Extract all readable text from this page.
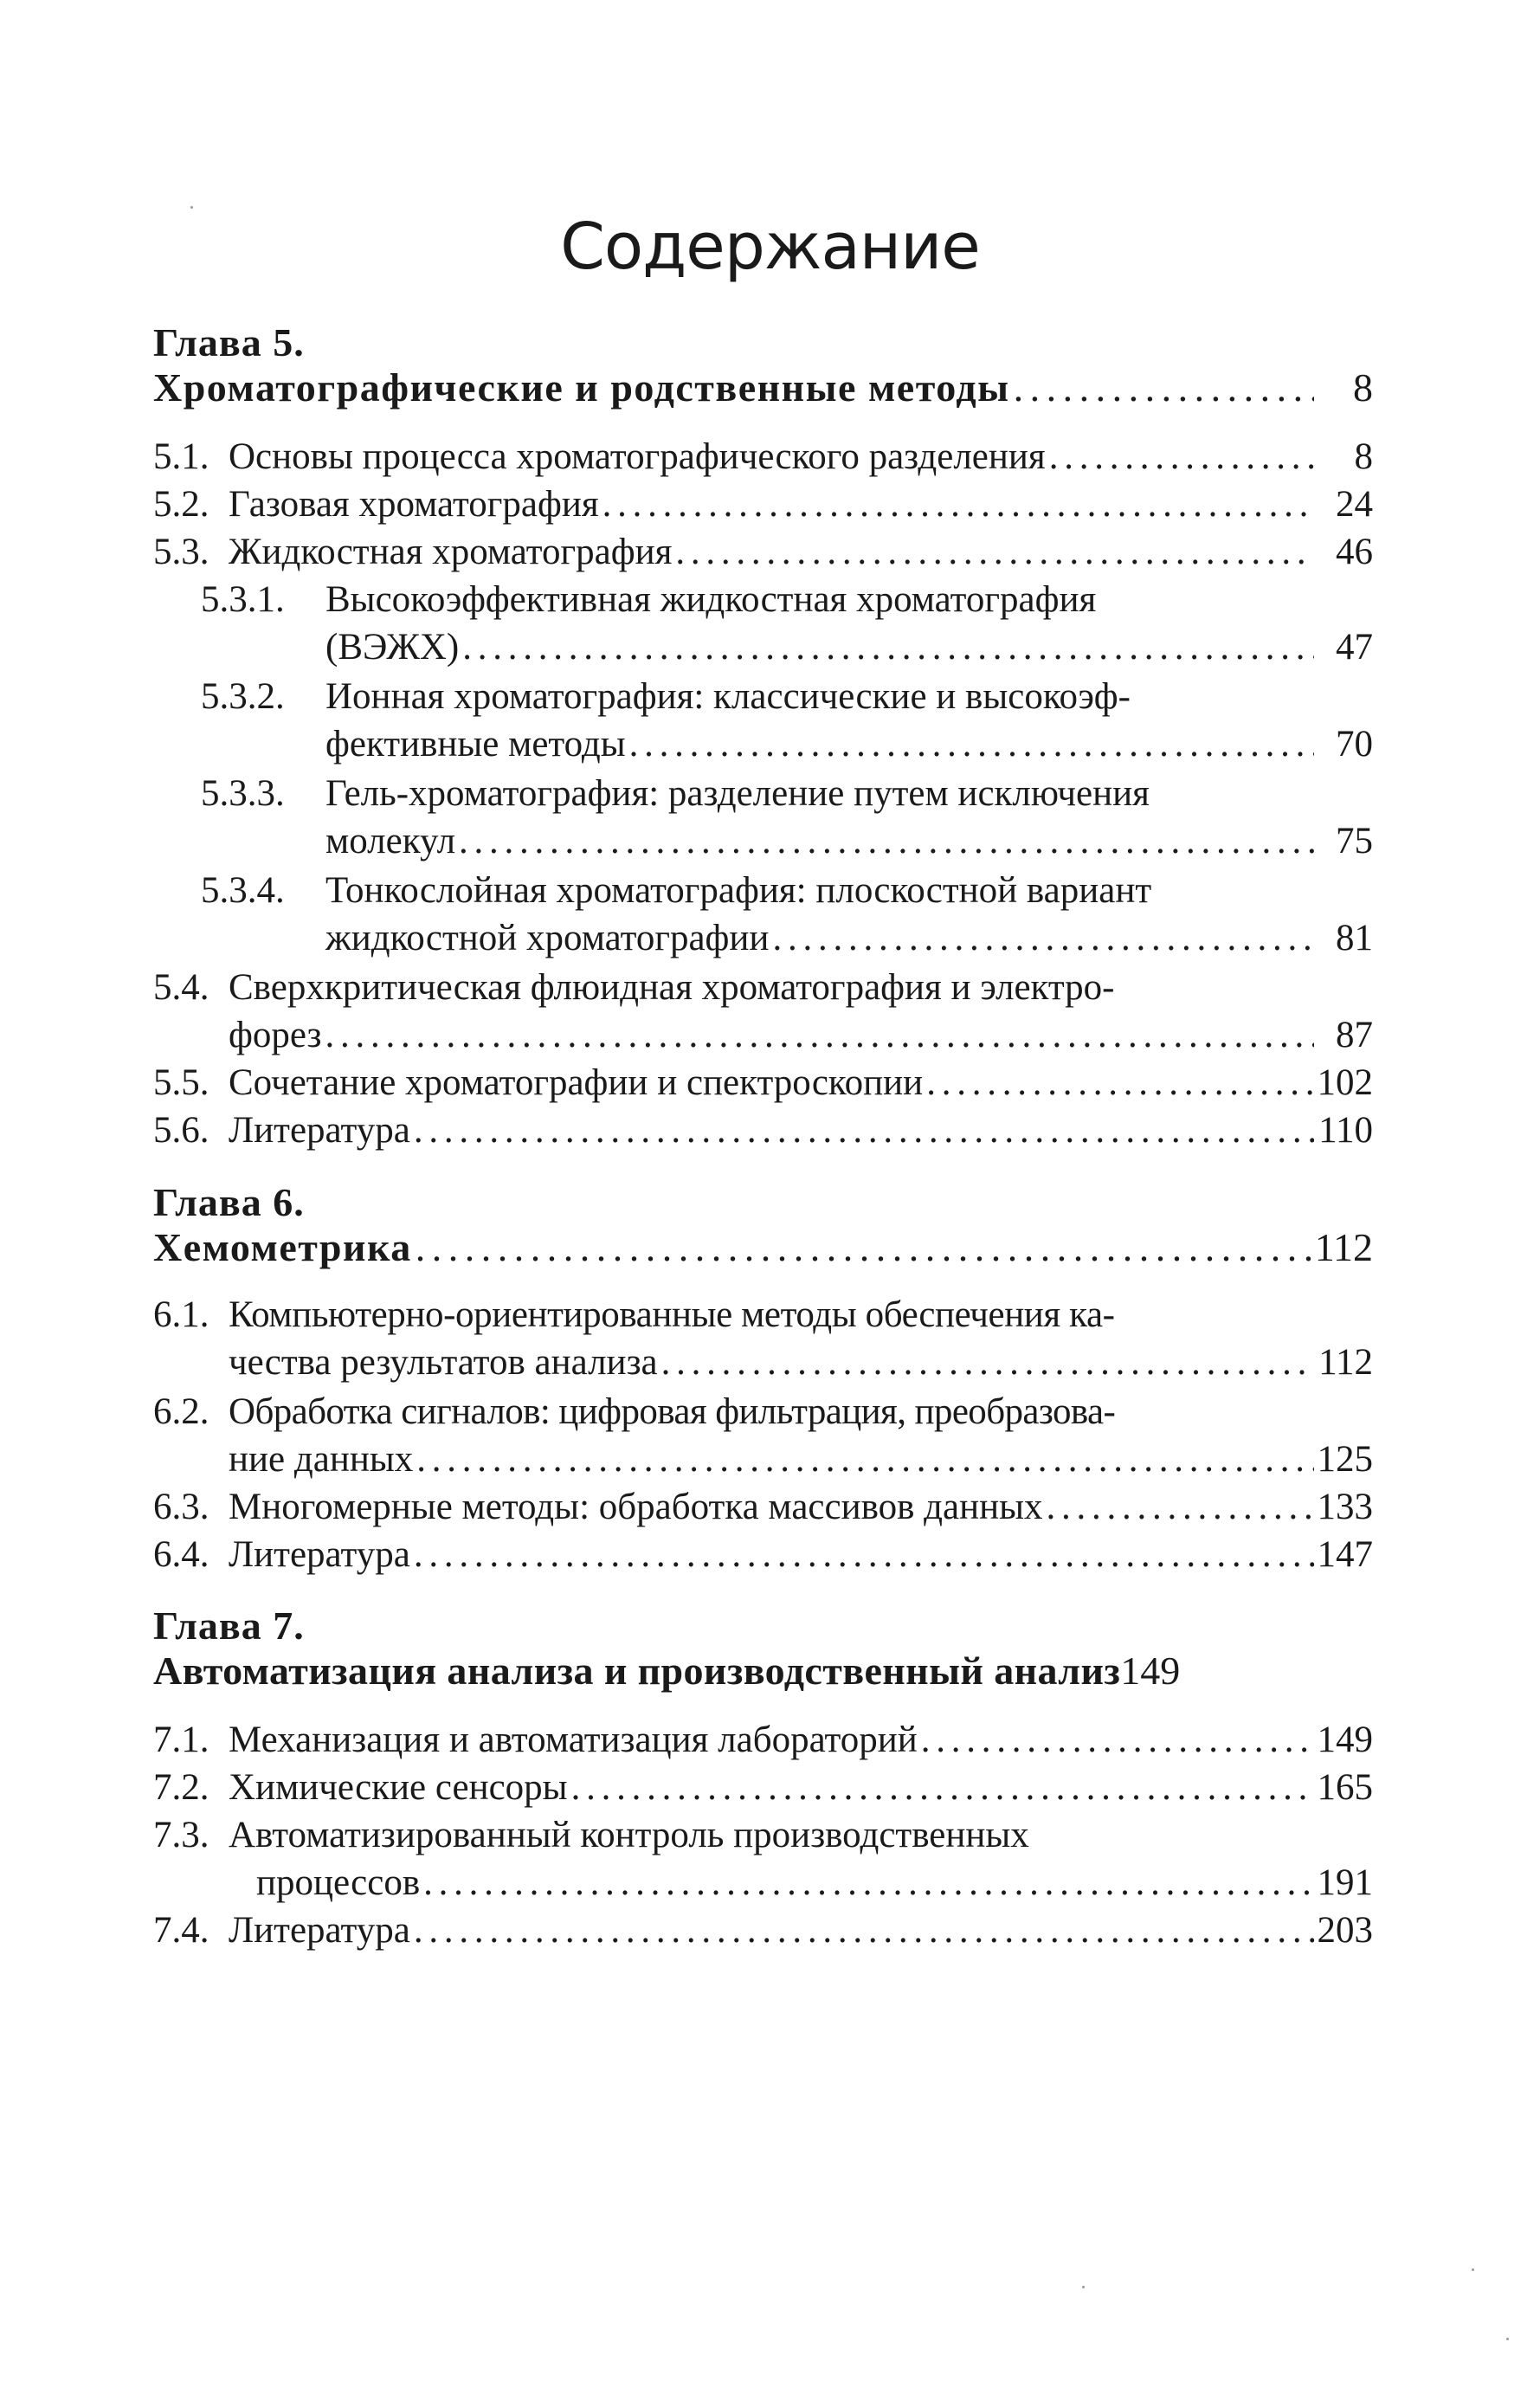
Содержание
Глава 5.
Хроматографические и родственные методы . . .	8
5.1. Основы процесса хроматографического разделения . . .	8
5.2. Газовая хроматография . . .	24
5.3. Жидкостная хроматография . . .	46
5.3.1.	Высокоэффективная жидкостная хроматография
(ВЭЖХ) . . .	47
5.3.2.	Ионная хроматография: классические и высокоэф-
фективные методы . . .	70
5.3.3.	Гель-хроматография: разделение путем исключения
молекул . . .	75
5.3.4.	Тонкослойная хроматография: плоскостной вариант
жидкостной хроматографии . . .	81
5.4. Сверхкритическая флюидная хроматография и электро-
форез . . .	87
5.5. Сочетание хроматографии и спектроскопии . . .	102
5.6. Литература . . .	110
Глава 6.
Хемометрика . . .	112
6.1. Компьютерно-ориентированные методы обеспечения ка-
чества результатов анализа . . .	112
6.2. Обработка сигналов: цифровая фильтрация, преобразова-
ние данных . . .	125
6.3. Многомерные методы: обработка массивов данных . . .	133
6.4. Литература . . .	147
Глава 7.
Автоматизация анализа и производственный анализ 149
7.1. Механизация и автоматизация лабораторий . . .	149
7.2. Химические сенсоры . . .	165
7.3. Автоматизированный контроль производственных
процессов . . .	191
7.4. Литература . . .	203
